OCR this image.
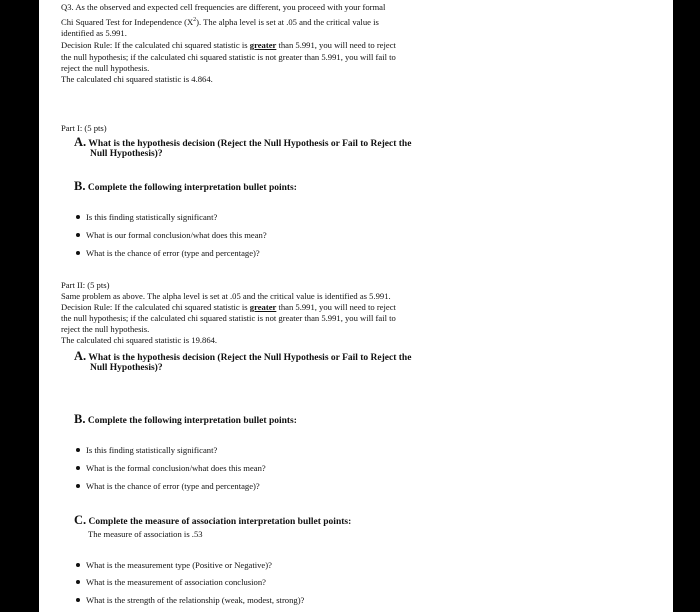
Q3. As the observed and expected cell frequencies are different, you proceed with your formal

Chi Squared Test for Independence $(X^2)$. The alpha level is set at .05 and the critical value is

identified as 5.991.

Decision Rule: If the calculated chi squared statistic is greater than 5.991, you will need to reject

the null hypothesis; if the calculated chi squared statistic is not greater than 5.991, you will fail to

reject the null hypothesis.

The calculated chi squared statistic is 4.864.

Part I: (5 pts)

A. What is the hypothesis decision (Reject the Null Hypothesis or Fail to Reject the
Null Hypothesis)?
B. Complete the following interpretation bullet points:
Is this finding statistically significant?
What is our formal conclusion/what does this mean?
What is the chance of error (type and percentage)?

Part II: (5 pts)

Same problem as above. The alpha level is set at .05 and the critical value is identified as 5.991.

Decision Rule: If the calculated chi squared statistic is greater than 5.991, you will need to reject

the null hypothesis; if the calculated chi squared statistic is not greater than 5.991, you will fail to

reject the null hypothesis.

The calculated chi squared statistic is 19.864.

A. What is the hypothesis decision (Reject the Null Hypothesis or Fail to Reject the
Null Hypothesis)?
B. Complete the following interpretation bullet points:
Is this finding statistically significant?
What is the formal conclusion/what does this mean?
What is the chance of error (type and percentage)?
C. Complete the measure of association interpretation bullet points:

The measure of association is .53

What is the measurement type (Positive or Negative)?
What is the measurement of association conclusion?
What is the strength of the relationship (weak, modest, strong)?
